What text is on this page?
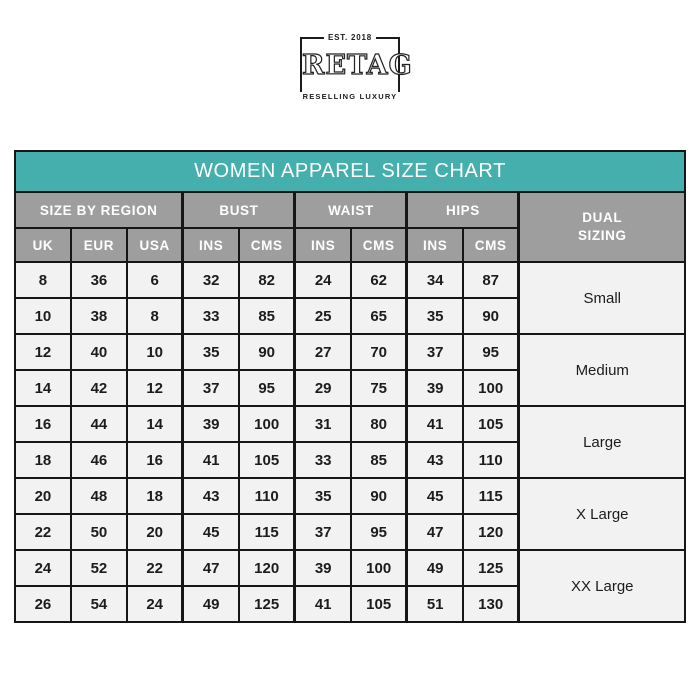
EST. 2018
RETAG
RESELLING LUXURY
WOMEN APPAREL SIZE CHART									
SIZE BY REGION			BUST		WAIST		HIPS		DUAL SIZING
UK	EUR	USA	INS	CMS	INS	CMS	INS	CMS	
8	36	6	32	82	24	62	34	87	Small
10	38	8	33	85	25	65	35	90	
12	40	10	35	90	27	70	37	95	Medium
14	42	12	37	95	29	75	39	100	
16	44	14	39	100	31	80	41	105	Large
18	46	16	41	105	33	85	43	110	
20	48	18	43	110	35	90	45	115	X Large
22	50	20	45	115	37	95	47	120	
24	52	22	47	120	39	100	49	125	XX Large
26	54	24	49	125	41	105	51	130	
